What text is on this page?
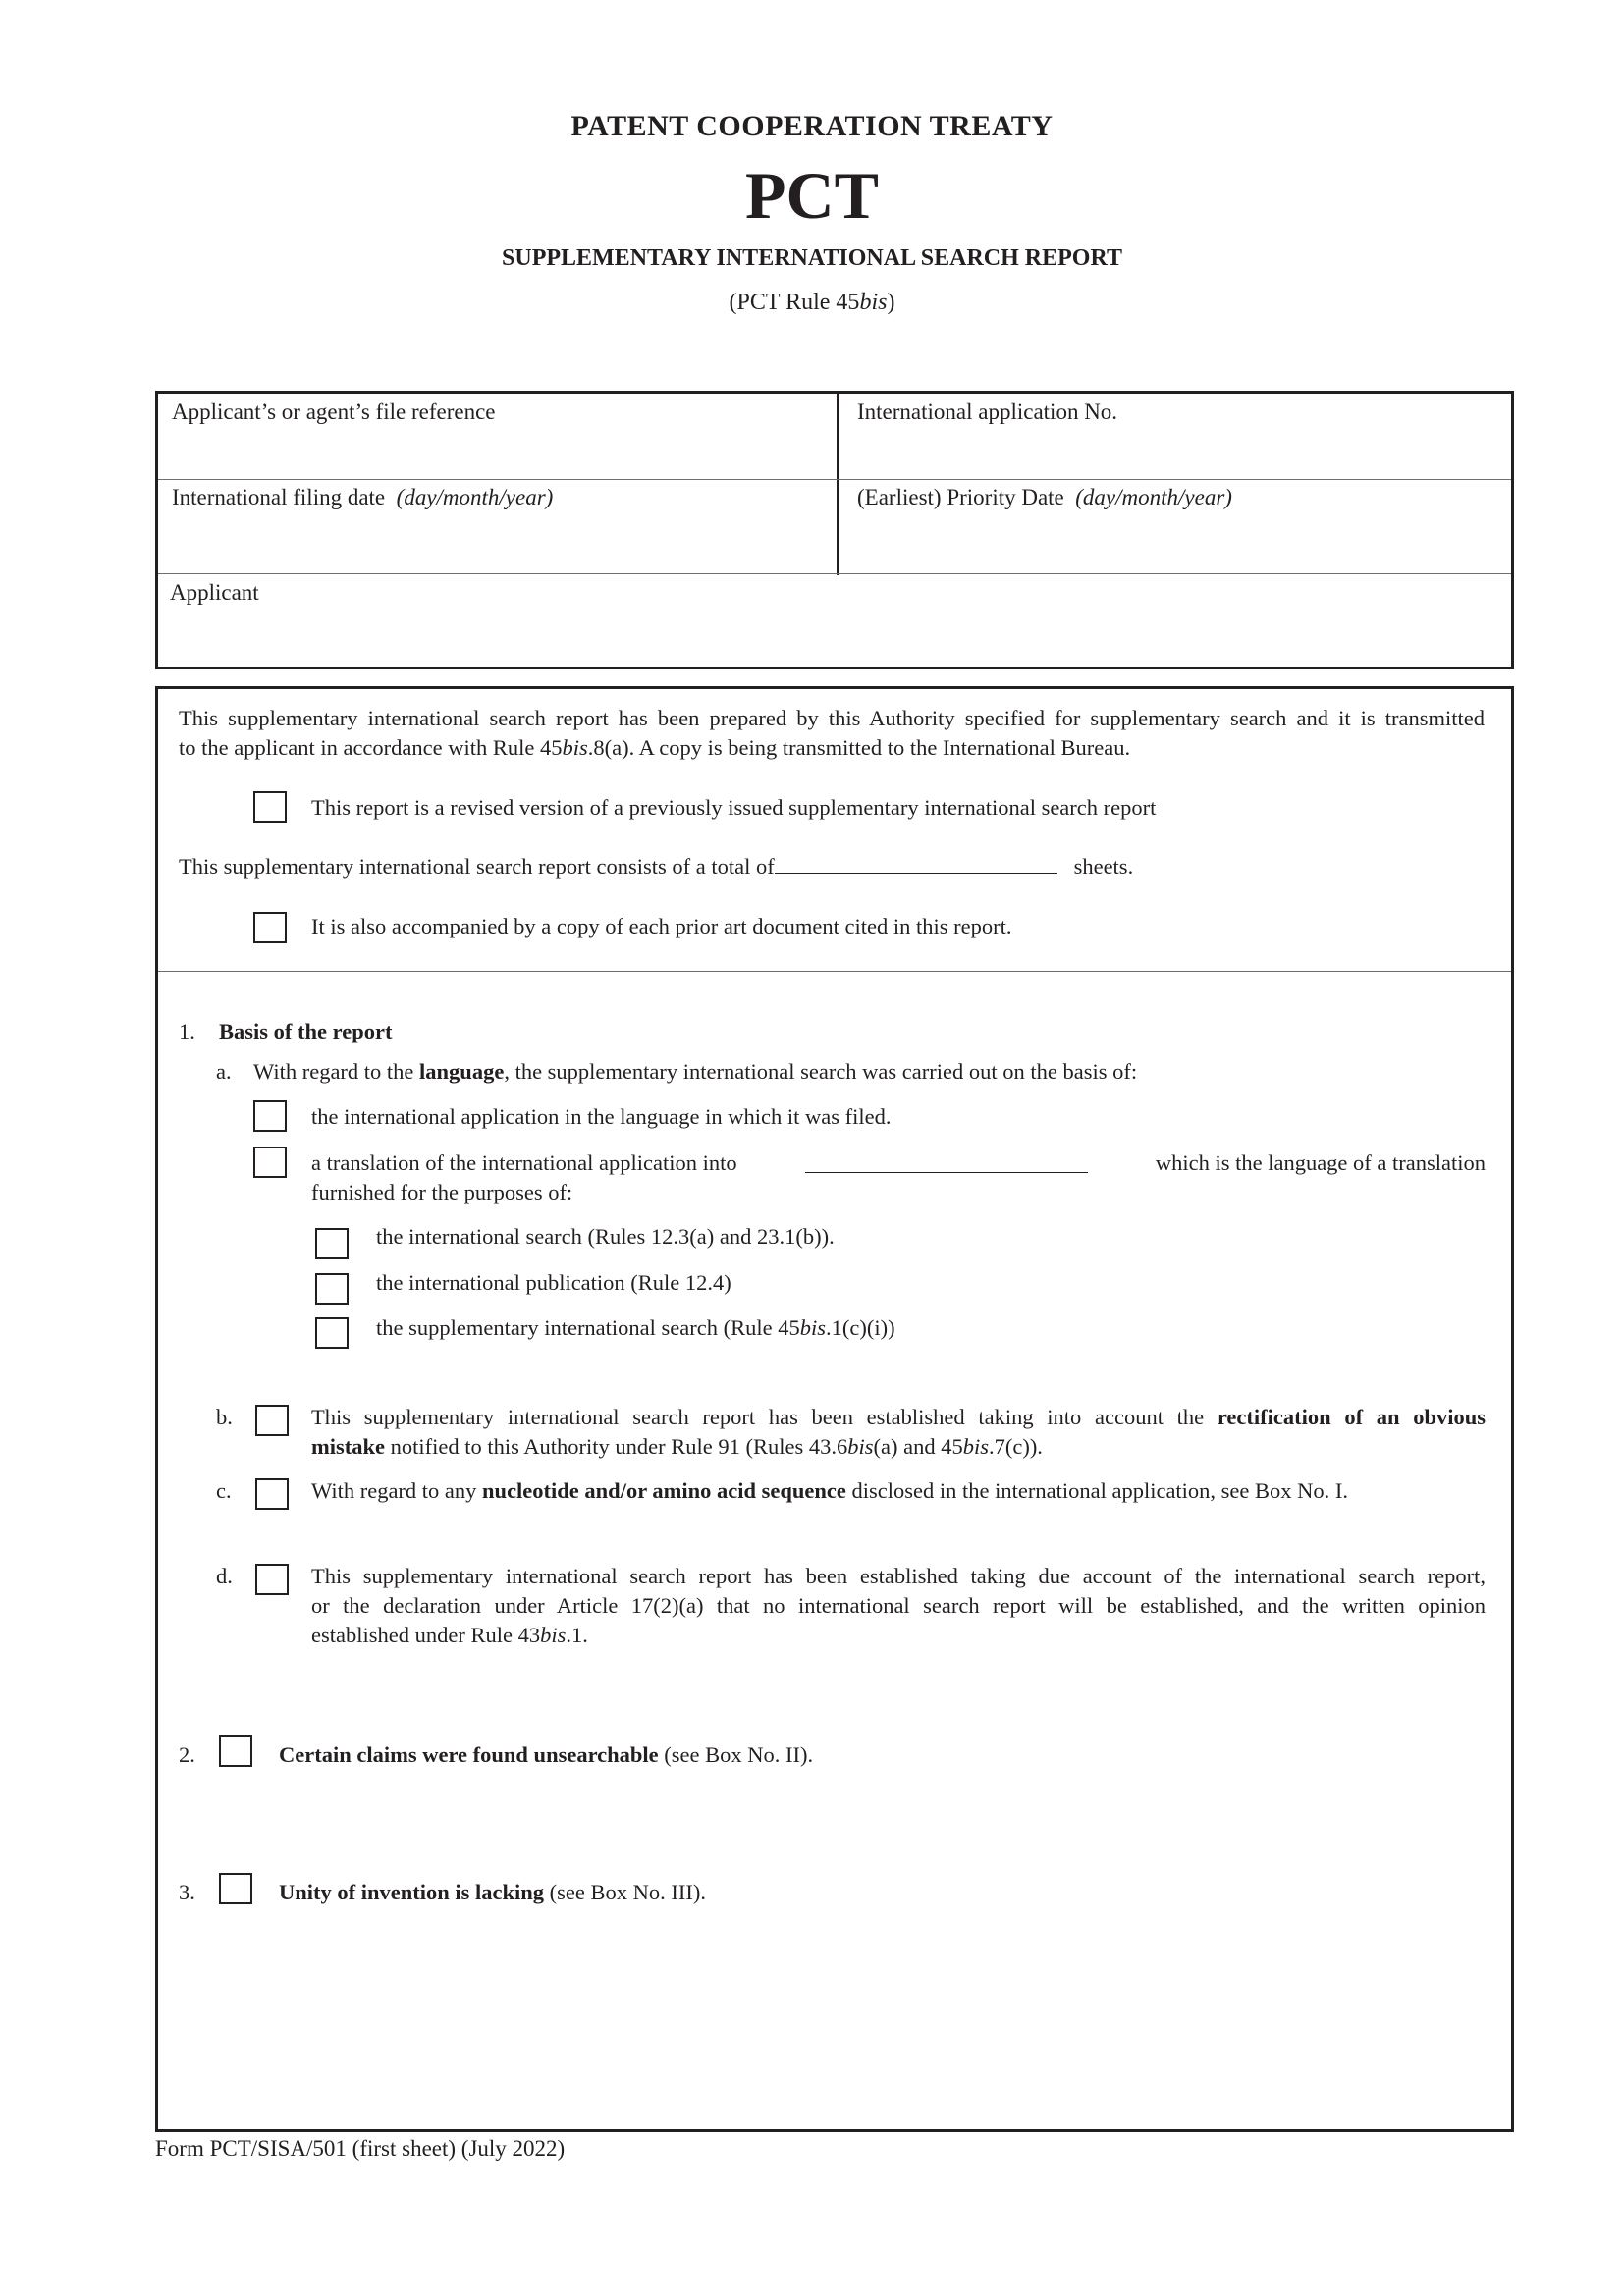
PATENT COOPERATION TREATY
PCT
SUPPLEMENTARY INTERNATIONAL SEARCH REPORT
(PCT Rule 45bis)
Applicant’s or agent’s file reference	International application No.
International filing date (day/month/year)	(Earliest) Priority Date (day/month/year)
Applicant
This supplementary international search report has been prepared by this Authority specified for supplementary search and it is transmitted
to the applicant in accordance with Rule 45bis.8(a). A copy is being transmitted to the International Bureau.
This report is a revised version of a previously issued supplementary international search report
This supplementary international search report consists of a total of	sheets.
It is also accompanied by a copy of each prior art document cited in this report.
1. Basis of the report
a. With regard to the language, the supplementary international search was carried out on the basis of:
the international application in the language in which it was filed.
a translation of the international application into	which is the language of a translation
furnished for the purposes of:
the international search (Rules 12.3(a) and 23.1(b)).
the international publication (Rule 12.4)
the supplementary international search (Rule 45bis.1(c)(i))
b.	This supplementary international search report has been established taking into account the rectification of an obvious
mistake notified to this Authority under Rule 91 (Rules 43.6bis(a) and 45bis.7(c)).
c.	With regard to any nucleotide and/or amino acid sequence disclosed in the international application, see Box No. I.
d.	This supplementary international search report has been established taking due account of the international search report,
or the declaration under Article 17(2)(a) that no international search report will be established, and the written opinion
established under Rule 43bis.1.
2.	Certain claims were found unsearchable (see Box No. II).
3.	Unity of invention is lacking (see Box No. III).
Form PCT/SISA/501 (first sheet) (July 2022)
